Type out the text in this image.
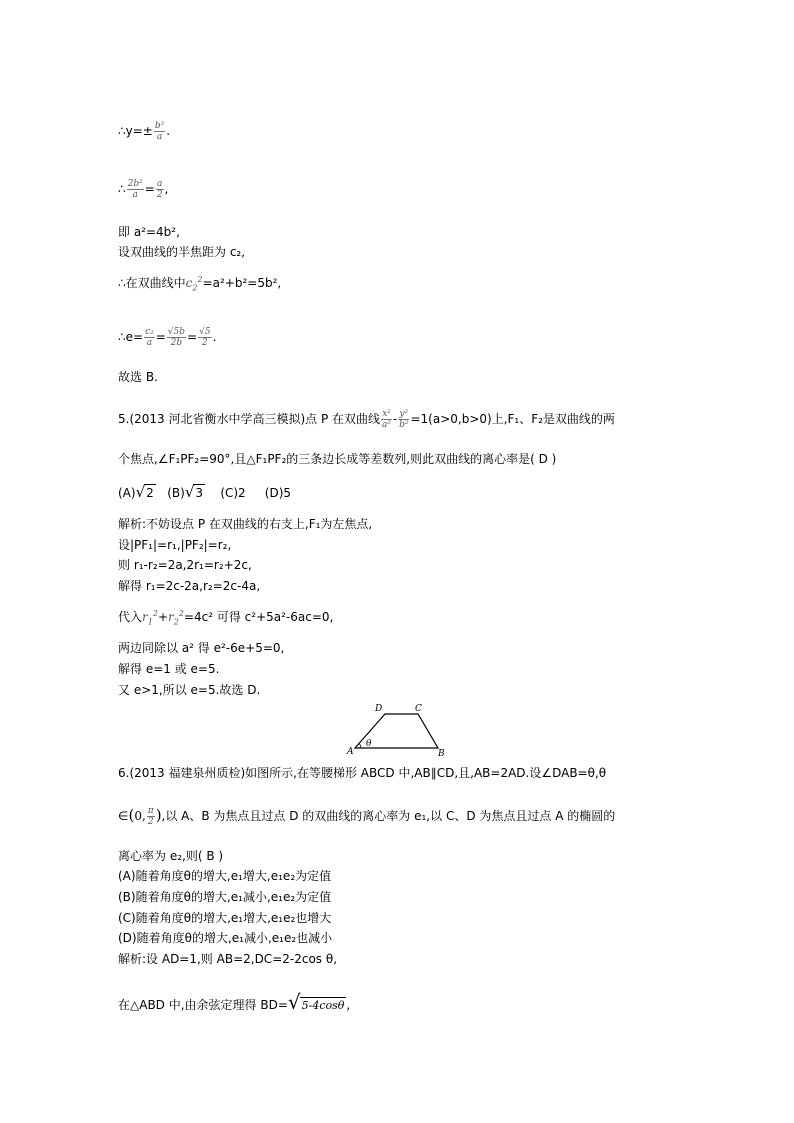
∴y=± $\frac{\text{b²}}{a}$ .
∴ $\frac{\text{2b²}}{a} = \frac{a}{2}$ ,
即 a²=4b²,
设双曲线的半焦距为 c₂,
∴在双曲线中$c_2^2=a^2+b^2=5b^2$,
∴e= $\frac{\text{c₂}}{a} = \frac{√5b}{2b} = \frac{√5}{2}$ .
故选 B.
5.(2013 河北省衡水中学高三模拟)点 P 在双曲线 $\frac{\text{x²}}{\text{a²}} - \frac{\text{y²}}{\text{b²}} =1(a>0,b>0)$上,F₁、F₂是双曲线的两
个焦点,∠F₁PF₂=90°,且△F₁PF₂的三条边长成等差数列,则此双曲线的离心率是( D )
(A)√2 (B)√3 (C)2 (D)5
解析:不妨设点 P 在双曲线的右支上,F₁为左焦点,
设|PF₁|=r₁,|PF₂|=r₂,
则 r₁-r₂=2a,2r₁=r₂+2c,
解得 r₁=2c-2a,r₂=2c-4a,
代入$r_1^2+r_2^2=4c^2$ 可得 c²+5a²-6ac=0,
两边同除以 a² 得 e²-6e+5=0,
解得 e=1 或 e=5.
又 e>1,所以 e=5.故选 D.
D	C
A	B
θ
6.(2013 福建泉州质检)如图所示,在等腰梯形 ABCD 中,AB∥CD,且,AB=2AD.设∠DAB=θ,θ
∈(0, $\frac{\pi}{2}$ ),以 A、B 为焦点且过点 D 的双曲线的离心率为 e₁,以 C、D 为焦点且过点 A 的椭圆的
离心率为 e₂,则( B )
(A)随着角度θ的增大,e₁增大,e₁e₂为定值
(B)随着角度θ的增大,e₁减小,e₁e₂为定值
(C)随着角度θ的增大,e₁增大,e₁e₂也增大
(D)随着角度θ的增大,e₁减小,e₁e₂也减小
解析:设 AD=1,则 AB=2,DC=2-2cos θ,
在△ABD 中,由余弦定理得 BD=√5-4cosθ ,
